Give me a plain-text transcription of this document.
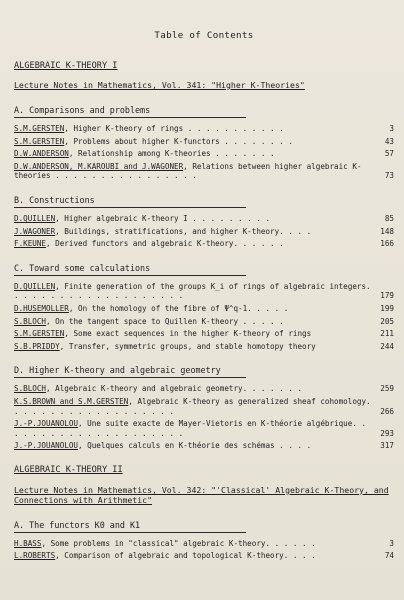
Table of Contents
ALGEBRAIC K-THEORY I
Lecture Notes in Mathematics, Vol. 341: "Higher K-Theories"
A. Comparisons and problems
S.M.GERSTEN, Higher K-theory of rings . . . . . . . . . . .	3
S.M.GERSTEN, Problems about higher K-functors . . . . . . . .	43
D.W.ANDERSON, Relationship among K-theories . . . . . . .	57
D.W.ANDERSON, M.KAROUBI and J.WAGONER, Relations between higher algebraic K-theories . . . . . . . . . . . . . . . .	73
B. Constructions
D.QUILLEN, Higher algebraic K-theory I . . . . . . . . .	85
J.WAGONER, Buildings, stratifications, and higher K-theory. . . .	148
F.KEUNE, Derived functors and algebraic K-theory. . . . . .	166
C. Toward some calculations
D.QUILLEN, Finite generation of the groups K_i of rings of algebraic integers. . . . . . . . . . . . . . . . . . . .	179
D.HUSEMOLLER, On the homology of the fibre of Ψ^q-1. . . . .	199
S.BLOCH, On the tangent space to Quillen K-theory . . . . .	205
S.M.GERSTEN, Some exact sequences in the higher K-theory of rings	211
S.B.PRIDDY, Transfer, symmetric groups, and stable homotopy theory	244
D. Higher K-theory and algebraic geometry
S.BLOCH, Algebraic K-theory and algebraic geometry. . . . . . .	259
K.S.BROWN and S.M.GERSTEN, Algebraic K-theory as generalized sheaf cohomology. . . . . . . . . . . . . . . . . . .	266
J.-P.JOUANOLOU, Une suite exacte de Mayer-Vietoris en K-théorie algébrique. . . . . . . . . . . . . . . . . . . . .	293
J.-P.JOUANOLOU, Quelques calculs en K-théorie des schémas . . . .	317
ALGEBRAIC K-THEORY II
Lecture Notes in Mathematics, Vol. 342: "'Classical' Algebraic K-Theory, and Connections with Arithmetic"
A. The functors K0 and K1
H.BASS, Some problems in "classical" algebraic K-theory. . . . . .	3
L.ROBERTS, Comparison of algebraic and topological K-theory. . . .	74
